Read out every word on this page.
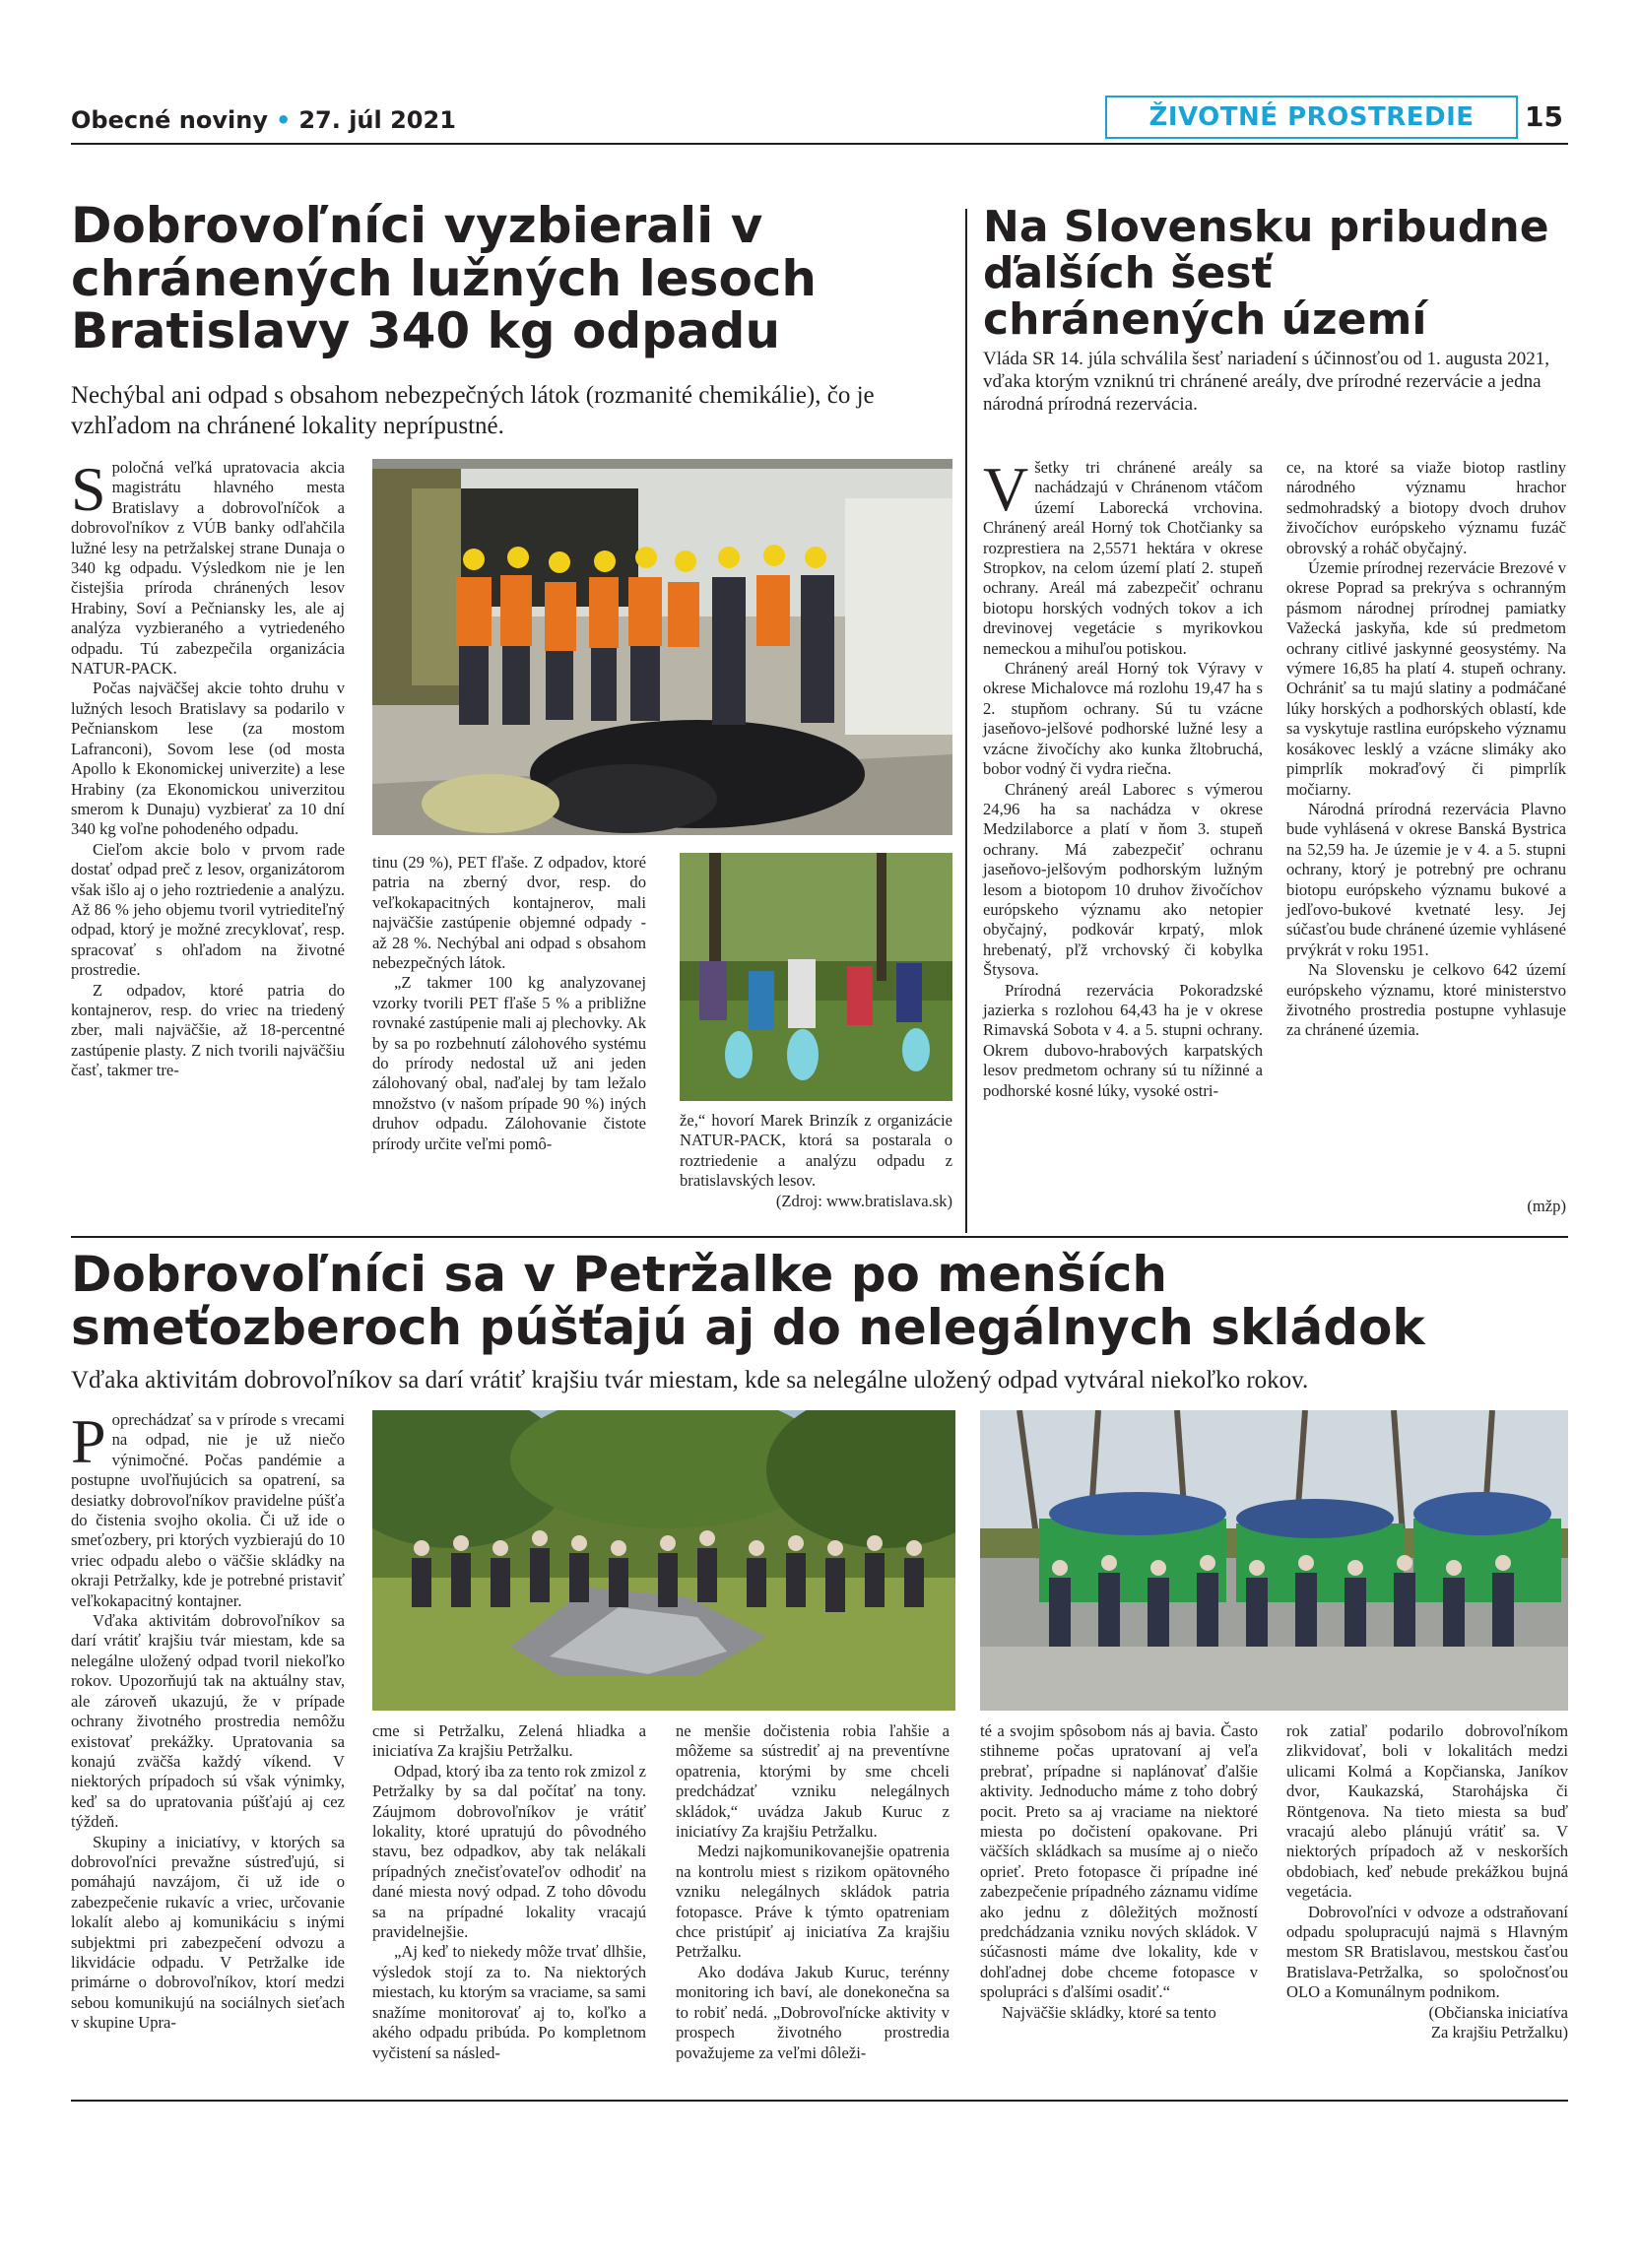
Obecné noviny • 27. júl 2021	ŽIVOTNÉ PROSTREDIE	15
Dobrovoľníci vyzbierali v chránených lužných lesoch Bratislavy 340 kg odpadu
Nechýbal ani odpad s obsahom nebezpečných látok (rozmanité chemikálie), čo je vzhľadom na chránené lokality neprípustné.

Spoločná veľká upratovacia akcia magistrátu hlavného mesta Bratislavy a dobrovoľníčok a dobrovoľníkov z VÚB banky odľahčila lužné lesy na petržalskej strane Dunaja o 340 kg odpadu. Výsledkom nie je len čistejšia príroda chránených lesov Hrabiny, Soví a Pečniansky les, ale aj analýza vyzbieraného a vytriedeného odpadu. Tú zabezpečila organizácia NATUR-PACK.

Počas najväčšej akcie tohto druhu v lužných lesoch Bratislavy sa podarilo v Pečnianskom lese (za mostom Lafranconi), Sovom lese (od mosta Apollo k Ekonomickej univerzite) a lese Hrabiny (za Ekonomickou univerzitou smerom k Dunaju) vyzbierať za 10 dní 340 kg voľne pohodeného odpadu.

Cieľom akcie bolo v prvom rade dostať odpad preč z lesov, organizátorom však išlo aj o jeho roztriedenie a analýzu. Až 86 % jeho objemu tvoril vytriediteľný odpad, ktorý je možné zrecyklovať, resp. spracovať s ohľadom na životné prostredie.

Z odpadov, ktoré patria do kontajnerov, resp. do vriec na triedený zber, mali najväčšie, až 18-percentné zastúpenie plasty. Z nich tvorili najväčšiu časť, takmer tre-

tinu (29 %), PET fľaše. Z odpadov, ktoré patria na zberný dvor, resp. do veľkokapacitných kontajnerov, mali najväčšie zastúpenie objemné odpady - až 28 %. Nechýbal ani odpad s obsahom nebezpečných látok.

„Z takmer 100 kg analyzovanej vzorky tvorili PET fľaše 5 % a približne rovnaké zastúpenie mali aj plechovky. Ak by sa po rozbehnutí zálohového systému do prírody nedostal už ani jeden zálohovaný obal, naďalej by tam ležalo množstvo (v našom prípade 90 %) iných druhov odpadu. Zálohovanie čistote prírody určite veľmi pomô-

že,“ hovorí Marek Brinzík z organizácie NATUR-PACK, ktorá sa postarala o roztriedenie a analýzu odpadu z bratislavských lesov.

(Zdroj: www.bratislava.sk)
Na Slovensku pribudne ďalších šesť chránených území
Vláda SR 14. júla schválila šesť nariadení s účinnosťou od 1. augusta 2021, vďaka ktorým vzniknú tri chránené areály, dve prírodné rezervácie a jedna národná prírodná rezervácia.

Všetky tri chránené areály sa nachádzajú v Chránenom vtáčom území Laborecká vrchovina. Chránený areál Horný tok Chotčianky sa rozprestiera na 2,5571 hektára v okrese Stropkov, na celom území platí 2. stupeň ochrany. Areál má zabezpečiť ochranu biotopu horských vodných tokov a ich drevinovej vegetácie s myrikovkou nemeckou a mihuľou potiskou.

Chránený areál Horný tok Výravy v okrese Michalovce má rozlohu 19,47 ha s 2. stupňom ochrany. Sú tu vzácne jaseňovo-jelšové podhorské lužné lesy a vzácne živočíchy ako kunka žltobruchá, bobor vodný či vydra riečna.

Chránený areál Laborec s výmerou 24,96 ha sa nachádza v okrese Medzilaborce a platí v ňom 3. stupeň ochrany. Má zabezpečiť ochranu jaseňovo-jelšovým podhorským lužným lesom a biotopom 10 druhov živočíchov európskeho významu ako netopier obyčajný, podkovár krpatý, mlok hrebenatý, pľž vrchovský či kobylka Štysova.

Prírodná rezervácia Pokoradzské jazierka s rozlohou 64,43 ha je v okrese Rimavská Sobota v 4. a 5. stupni ochrany. Okrem dubovo-hrabových karpatských lesov predmetom ochrany sú tu nížinné a podhorské kosné lúky, vysoké ostri-

ce, na ktoré sa viaže biotop rastliny národného významu hrachor sedmohradský a biotopy dvoch druhov živočíchov európskeho významu fuzáč obrovský a roháč obyčajný.

Územie prírodnej rezervácie Brezové v okrese Poprad sa prekrýva s ochranným pásmom národnej prírodnej pamiatky Važecká jaskyňa, kde sú predmetom ochrany citlivé jaskynné geosystémy. Na výmere 16,85 ha platí 4. stupeň ochrany. Ochrániť sa tu majú slatiny a podmáčané lúky horských a podhorských oblastí, kde sa vyskytuje rastlina európskeho významu kosákovec lesklý a vzácne slimáky ako pimprlík mokraďový či pimprlík močiarny.

Národná prírodná rezervácia Plavno bude vyhlásená v okrese Banská Bystrica na 52,59 ha. Je územie je v 4. a 5. stupni ochrany, ktorý je potrebný pre ochranu biotopu európskeho významu bukové a jedľovo-bukové kvetnaté lesy. Jej súčasťou bude chránené územie vyhlásené prvýkrát v roku 1951.

Na Slovensku je celkovo 642 území európskeho významu, ktoré ministerstvo životného prostredia postupne vyhlasuje za chránené územia.

(mžp)
Dobrovoľníci sa v Petržalke po menších smeťozberoch púšťajú aj do nelegálnych skládok
Vďaka aktivitám dobrovoľníkov sa darí vrátiť krajšiu tvár miestam, kde sa nelegálne uložený odpad vytváral niekoľko rokov.

Poprechádzať sa v prírode s vrecami na odpad, nie je už niečo výnimočné. Počas pandémie a postupne uvoľňujúcich sa opatrení, sa desiatky dobrovoľníkov pravidelne púšťa do čistenia svojho okolia. Či už ide o smeťozbery, pri ktorých vyzbierajú do 10 vriec odpadu alebo o väčšie skládky na okraji Petržalky, kde je potrebné pristaviť veľkokapacitný kontajner.

Vďaka aktivitám dobrovoľníkov sa darí vrátiť krajšiu tvár miestam, kde sa nelegálne uložený odpad tvoril niekoľko rokov. Upozorňujú tak na aktuálny stav, ale zároveň ukazujú, že v prípade ochrany životného prostredia nemôžu existovať prekážky. Upratovania sa konajú zväčša každý víkend. V niektorých prípadoch sú však výnimky, keď sa do upratovania púšťajú aj cez týždeň.

Skupiny a iniciatívy, v ktorých sa dobrovoľníci prevažne sústreďujú, si pomáhajú navzájom, či už ide o zabezpečenie rukavíc a vriec, určovanie lokalít alebo aj komunikáciu s inými subjektmi pri zabezpečení odvozu a likvidácie odpadu. V Petržalke ide primárne o dobrovoľníkov, ktorí medzi sebou komunikujú na sociálnych sieťach v skupine Upra-

cme si Petržalku, Zelená hliadka a iniciatíva Za krajšiu Petržalku.

Odpad, ktorý iba za tento rok zmizol z Petržalky by sa dal počítať na tony. Záujmom dobrovoľníkov je vrátiť lokality, ktoré upratujú do pôvodného stavu, bez odpadkov, aby tak nelákali prípadných znečisťovateľov odhodiť na dané miesta nový odpad. Z toho dôvodu sa na prípadné lokality vracajú pravidelnejšie.

„Aj keď to niekedy môže trvať dlhšie, výsledok stojí za to. Na niektorých miestach, ku ktorým sa vraciame, sa sami snažíme monitorovať aj to, koľko a akého odpadu pribúda. Po kompletnom vyčistení sa násled-

ne menšie dočistenia robia ľahšie a môžeme sa sústrediť aj na preventívne opatrenia, ktorými by sme chceli predchádzať vzniku nelegálnych skládok,“ uvádza Jakub Kuruc z iniciatívy Za krajšiu Petržalku.

Medzi najkomunikovanejšie opatrenia na kontrolu miest s rizikom opätovného vzniku nelegálnych skládok patria fotopasce. Práve k týmto opatreniam chce pristúpiť aj iniciatíva Za krajšiu Petržalku.

Ako dodáva Jakub Kuruc, terénny monitoring ich baví, ale donekonečna sa to robiť nedá. „Dobrovoľnícke aktivity v prospech životného prostredia považujeme za veľmi dôleži-

té a svojim spôsobom nás aj bavia. Často stihneme počas upratovaní aj veľa prebrať, prípadne si naplánovať ďalšie aktivity. Jednoducho máme z toho dobrý pocit. Preto sa aj vraciame na niektoré miesta po dočistení opakovane. Pri väčších skládkach sa musíme aj o niečo oprieť. Preto fotopasce či prípadne iné zabezpečenie prípadného záznamu vidíme ako jednu z dôležitých možností predchádzania vzniku nových skládok. V súčasnosti máme dve lokality, kde v dohľadnej dobe chceme fotopasce v spolupráci s ďalšími osadiť.“

Najväčšie skládky, ktoré sa tento

rok zatiaľ podarilo dobrovoľníkom zlikvidovať, boli v lokalitách medzi ulicami Kolmá a Kopčianska, Janíkov dvor, Kaukazská, Starohájska či Röntgenova. Na tieto miesta sa buď vracajú alebo plánujú vrátiť sa. V niektorých prípadoch až v neskorších obdobiach, keď nebude prekážkou bujná vegetácia.

Dobrovoľníci v odvoze a odstraňovaní odpadu spolupracujú najmä s Hlavným mestom SR Bratislavou, mestskou časťou Bratislava-Petržalka, so spoločnosťou OLO a Komunálnym podnikom.

(Občianska iniciatíva
Za krajšiu Petržalku)
